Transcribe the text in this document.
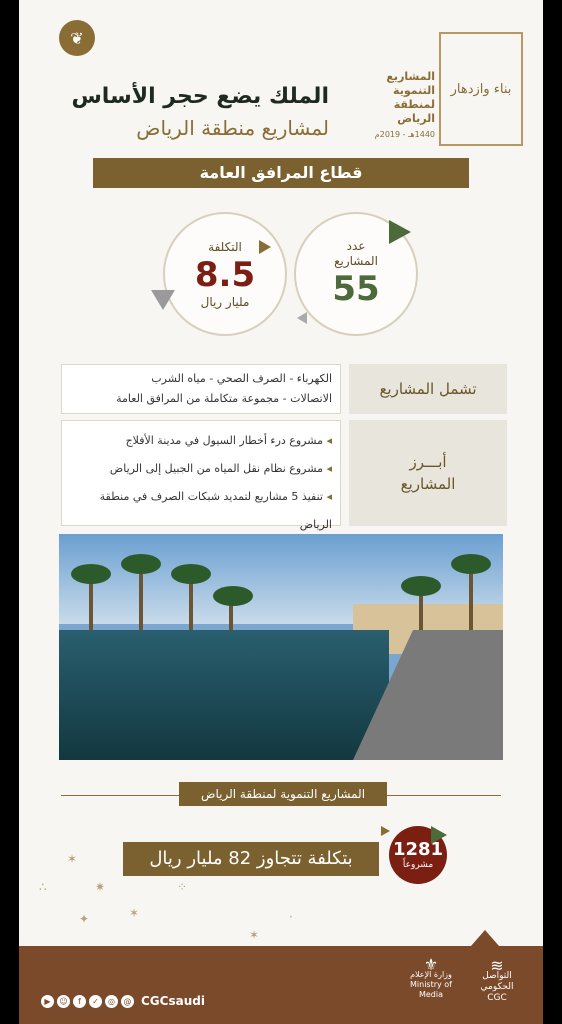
❦
بناء وازدهار
المشاريع التنموية لمنطقة الرياض
1440هـ - 2019م
الملك يضع حجر الأساس
لمشاريع منطقة الرياض
قطاع المرافق العامة
عدد
المشاريع
55
التكلفة
8.5
مليار ريال
تشمل المشاريع
الكهرباء - الصرف الصحي - مياه الشرب
الاتصالات - مجموعة متكاملة من المرافق العامة
أبـــرز
المشاريع
◂ مشروع درء أخطار السيول في مدينة الأفلاج
◂ مشروع نظام نقل المياه من الجبيل إلى الرياض
◂ تنفيذ 5 مشاريع لتمديد شبكات الصرف في منطقة الرياض
المشاريع التنموية لمنطقة الرياض
بتكلفة تتجاوز 82 مليار ريال	1281
مشروعاً
✶
✷
∴
✶
⁘
✦
✶
·
▶	☺	f	✓	◎	@ CGCsaudi
⚜
وزارة الإعلام
Ministry of Media
≋
التواصل الحكومي
CGC
